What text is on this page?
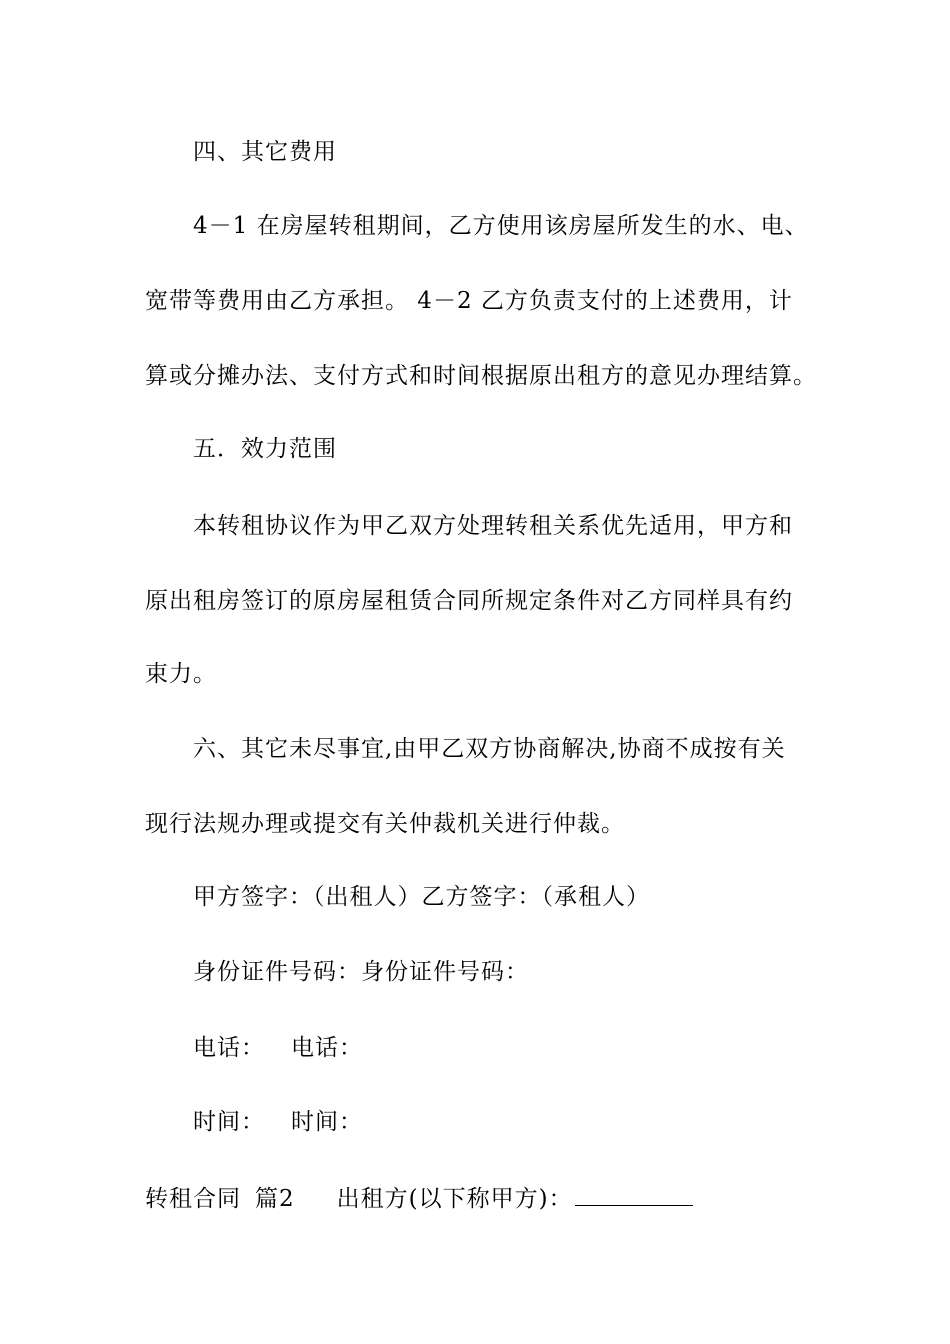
四、其它费用
4－1 在房屋转租期间，乙方使用该房屋所发生的水、电、
宽带等费用由乙方承担。 4－2 乙方负责支付的上述费用，计
算或分摊办法、支付方式和时间根据原出租方的意见办理结算。
五．效力范围
本转租协议作为甲乙双方处理转租关系优先适用，甲方和
原出租房签订的原房屋租赁合同所规定条件对乙方同样具有约
束力。
六、其它未尽事宜,由甲乙双方协商解决,协商不成按有关
现行法规办理或提交有关仲裁机关进行仲裁。
甲方签字：（出租人）乙方签字：（承租人）
身份证件号码：身份证件号码：
电话： 电话：
时间： 时间：
转租合同 篇2 出租方(以下称甲方)：
